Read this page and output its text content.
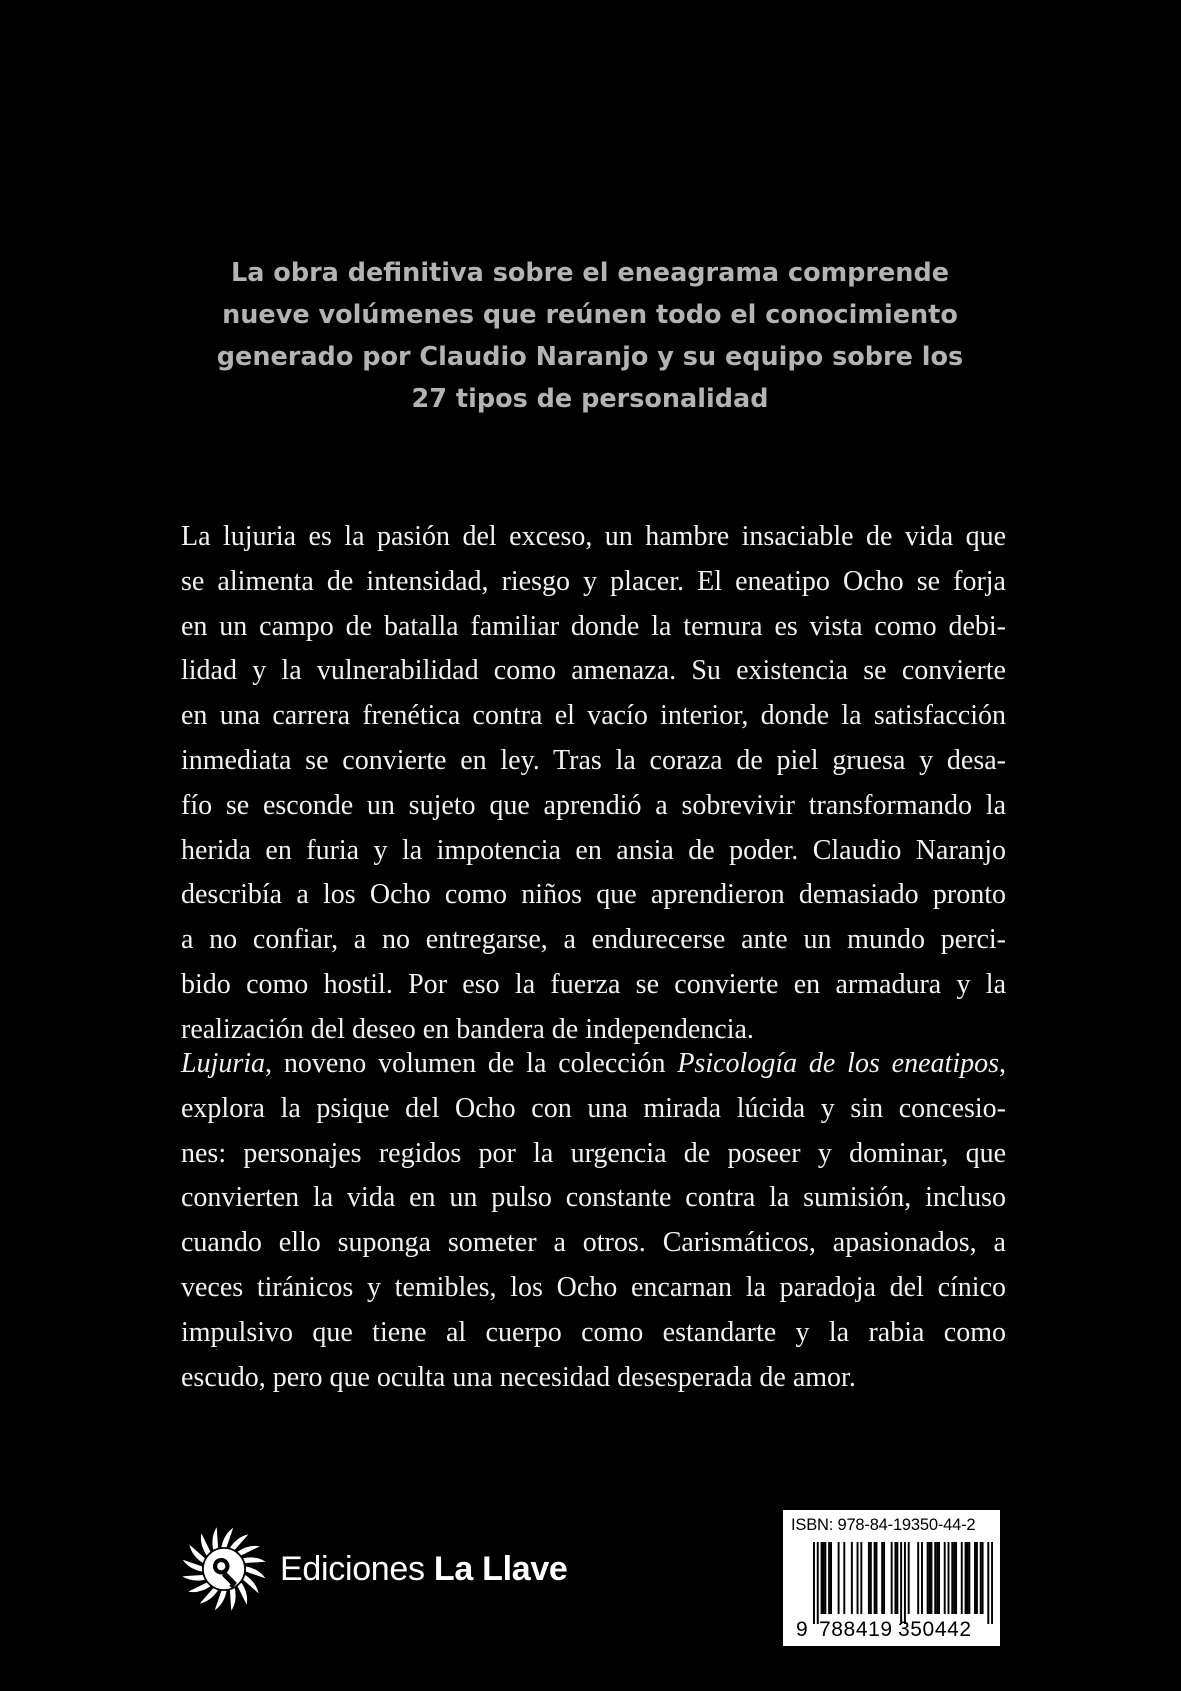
La obra definitiva sobre el eneagrama comprende
nueve volúmenes que reúnen todo el conocimiento
generado por Claudio Naranjo y su equipo sobre los
27 tipos de personalidad
La lujuria es la pasión del exceso, un hambre insaciable de vida que
se alimenta de intensidad, riesgo y placer. El eneatipo Ocho se forja
en un campo de batalla familiar donde la ternura es vista como debi-
lidad y la vulnerabilidad como amenaza. Su existencia se convierte
en una carrera frenética contra el vacío interior, donde la satisfacción
inmediata se convierte en ley. Tras la coraza de piel gruesa y desa-
fío se esconde un sujeto que aprendió a sobrevivir transformando la
herida en furia y la impotencia en ansia de poder. Claudio Naranjo
describía a los Ocho como niños que aprendieron demasiado pronto
a no confiar, a no entregarse, a endurecerse ante un mundo perci-
bido como hostil. Por eso la fuerza se convierte en armadura y la
realización del deseo en bandera de independencia.
Lujuria, noveno volumen de la colección Psicología de los eneatipos,
explora la psique del Ocho con una mirada lúcida y sin concesio-
nes: personajes regidos por la urgencia de poseer y dominar, que
convierten la vida en un pulso constante contra la sumisión, incluso
cuando ello suponga someter a otros. Carismáticos, apasionados, a
veces tiránicos y temibles, los Ocho encarnan la paradoja del cínico
impulsivo que tiene al cuerpo como estandarte y la rabia como
escudo, pero que oculta una necesidad desesperada de amor.
Ediciones La Llave
ISBN: 978-84-19350-44-2
9 788419 350442
